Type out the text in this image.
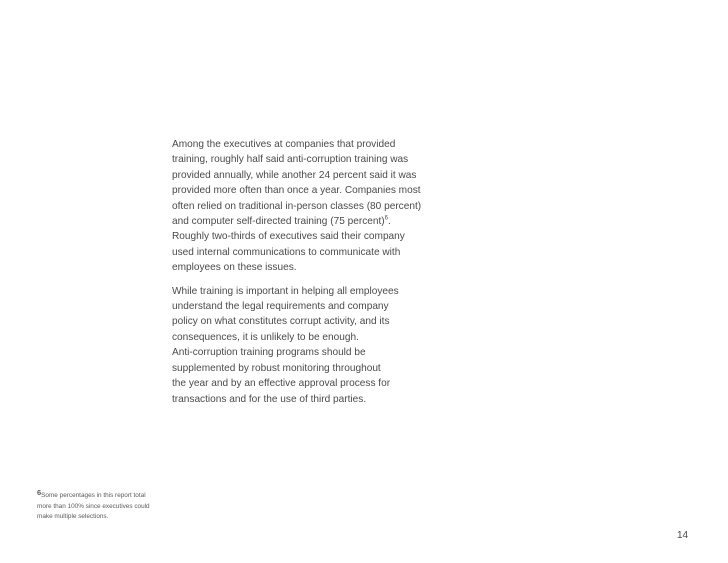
Among the executives at companies that provided
training, roughly half said anti-corruption training was
provided annually, while another 24 percent said it was
provided more often than once a year. Companies most
often relied on traditional in-person classes (80 percent)
and computer self-directed training (75 percent)$^6$.
Roughly two-thirds of executives said their company
used internal communications to communicate with
employees on these issues.
While training is important in helping all employees
understand the legal requirements and company
policy on what constitutes corrupt activity, and its
consequences, it is unlikely to be enough.
Anti-corruption training programs should be
supplemented by robust monitoring throughout
the year and by an effective approval process for
transactions and for the use of third parties.
6Some percentages in this report total
more than 100% since executives could
make multiple selections.
14
